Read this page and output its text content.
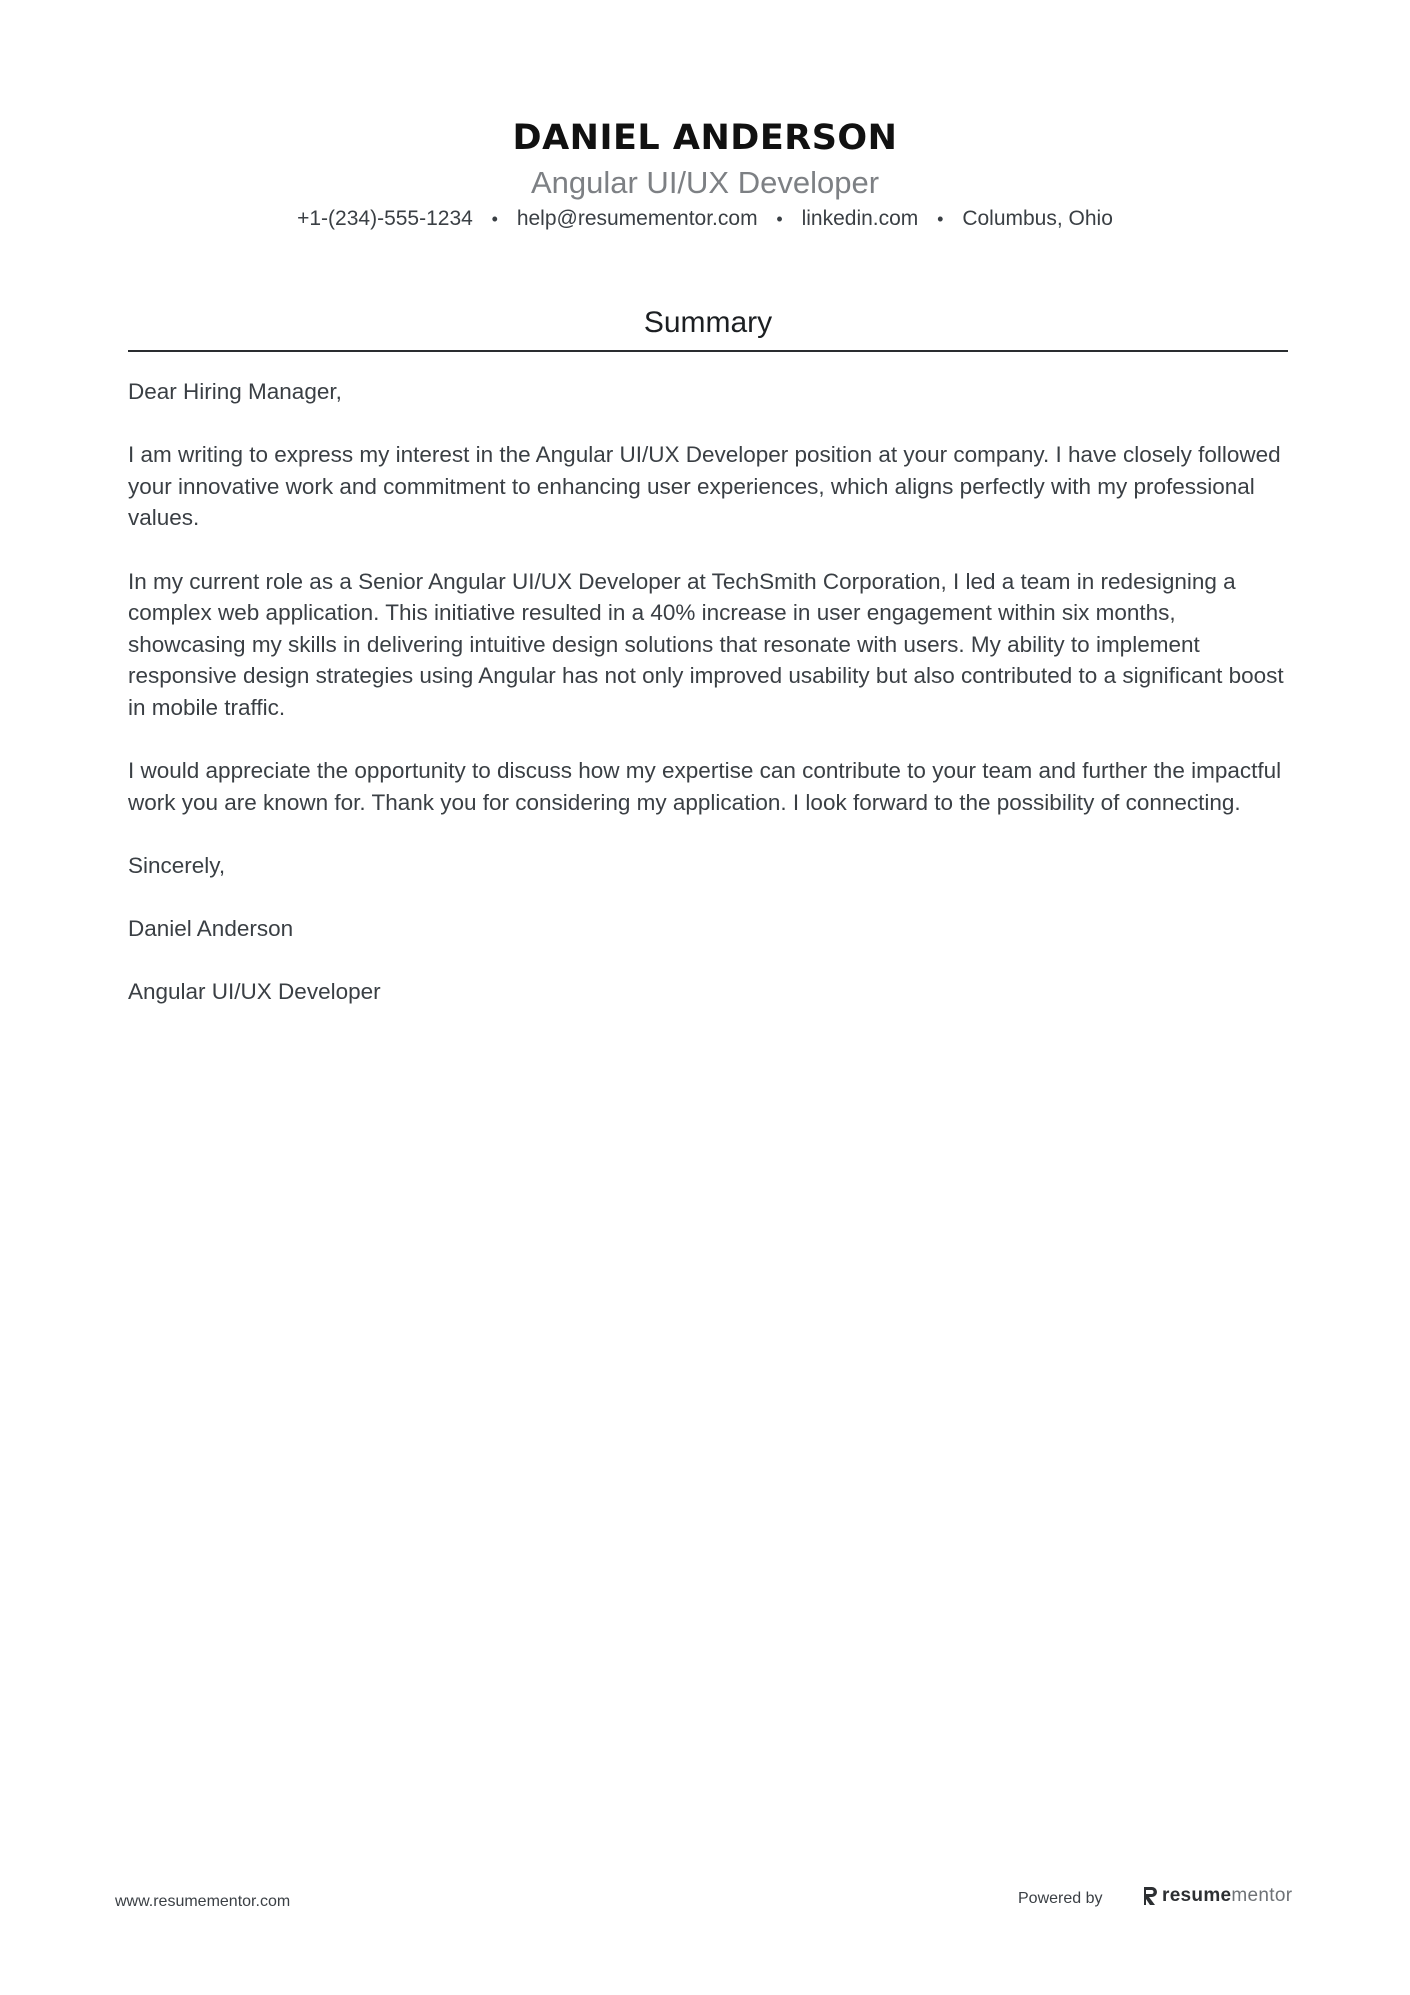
DANIEL ANDERSON
Angular UI/UX Developer
+1-(234)-555-1234 • help@resumementor.com • linkedin.com • Columbus, Ohio
Summary

Dear Hiring Manager,

I am writing to express my interest in the Angular UI/UX Developer position at your company. I have closely followed your innovative work and commitment to enhancing user experiences, which aligns perfectly with my professional values.

In my current role as a Senior Angular UI/UX Developer at TechSmith Corporation, I led a team in redesigning a complex web application. This initiative resulted in a 40% increase in user engagement within six months, showcasing my skills in delivering intuitive design solutions that resonate with users. My ability to implement responsive design strategies using Angular has not only improved usability but also contributed to a significant boost in mobile traffic.

I would appreciate the opportunity to discuss how my expertise can contribute to your team and further the impactful work you are known for. Thank you for considering my application. I look forward to the possibility of connecting.

Sincerely,

Daniel Anderson

Angular UI/UX Developer

www.resumementor.com	Powered by	resumementor
